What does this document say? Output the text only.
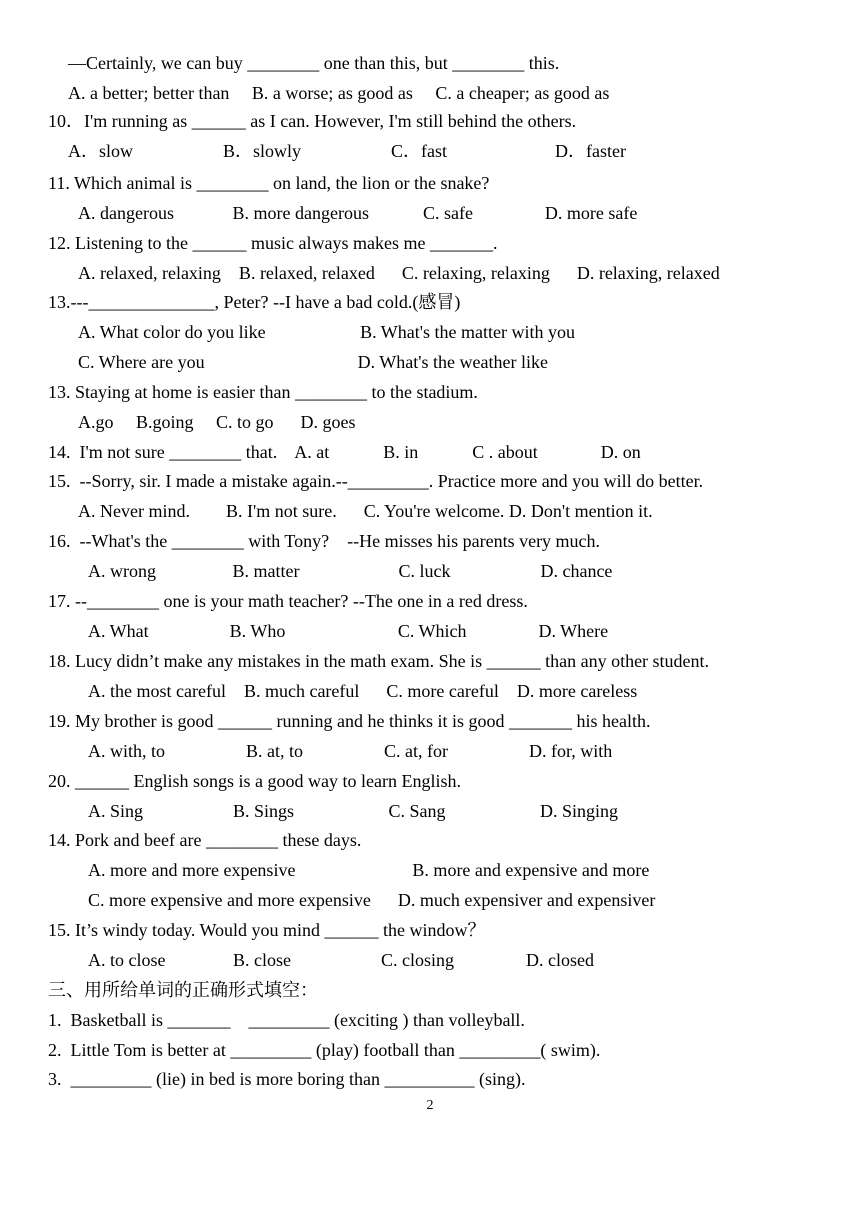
—Certainly, we can buy ________ one than this, but ________ this.
A. a better; better than     B. a worse; as good as     C. a cheaper; as good as
10．I'm running as ______ as I can. However, I'm still behind the others.
A．slow                    B．slowly                    C．fast                        D．faster
11. Which animal is ________ on land, the lion or the snake?
A. dangerous             B. more dangerous            C. safe                D. more safe
12. Listening to the ______ music always makes me _______.
A. relaxed, relaxing    B. relaxed, relaxed      C. relaxing, relaxing      D. relaxing, relaxed
13.---______________, Peter? --I have a bad cold.(感冒)
A. What color do you like                     B. What's the matter with you
C. Where are you                                  D. What's the weather like
13. Staying at home is easier than ________ to the stadium.
A.go     B.going     C. to go      D. goes
14.  I'm not sure ________ that.    A. at            B. in            C . about              D. on
15.  --Sorry, sir. I made a mistake again.--_________. Practice more and you will do better.
A. Never mind.        B. I'm not sure.      C. You're welcome. D. Don't mention it.
16.  --What's the ________ with Tony?    --He misses his parents very much.
A. wrong                 B. matter                      C. luck                    D. chance
17. --________ one is your math teacher? --The one in a red dress.
A. What                  B. Who                         C. Which                D. Where
18. Lucy didn’t make any mistakes in the math exam. She is ______ than any other student.
A. the most careful    B. much careful      C. more careful    D. more careless
19. My brother is good ______ running and he thinks it is good _______ his health.
A. with, to                  B. at, to                  C. at, for                  D. for, with
20. ______ English songs is a good way to learn English.
A. Sing                    B. Sings                     C. Sang                     D. Singing
14. Pork and beef are ________ these days.
A. more and more expensive                          B. more and expensive and more
C. more expensive and more expensive      D. much expensiver and expensiver
15. It’s windy today. Would you mind ______ the window？
A. to close               B. close                    C. closing                D. closed
三、用所给单词的正确形式填空：
1.  Basketball is _______    _________ (exciting ) than volleyball.
2.  Little Tom is better at _________ (play) football than _________( swim).
3.  _________ (lie) in bed is more boring than __________ (sing).
2
